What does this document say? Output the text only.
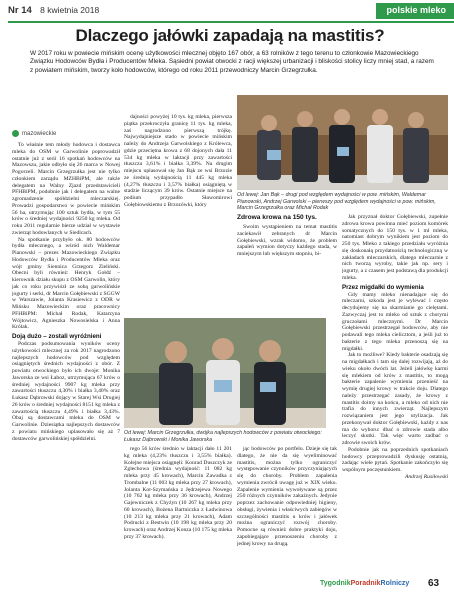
Nr 14 8 kwietnia 2018	polskie mleko
Dlaczego jałówki zapadają na mastitis?
W 2017 roku w powiecie mińskim ocenę użytkowości mlecznej objęto 167 obór, a 63 rolników z tego terenu to członkowie Mazowieckiego Związku Hodowców Bydła i Producentów Mleka. Sąsiedni powiat otwocki z racji większej urbanizacji i bliskości stolicy liczy mniej stad, a razem z powiatem mińskim, tworzy koło hodowców, którego od roku 2011 przewodniczy Marcin Grzegrzułka.
Od lewej: Jan Bąk – drugi pod względem wydajności w pow. mińskim, Waldemar Pianowski, Andrzej Garwolski – pierwszy pod względem wydajności w pow. mińskim, Marcin Grzegrzułka oraz Michał Rodak
mazowieckie

To właśnie tem młody hodowca i dostawca mleka do OSM w Garwolinie poprowadził ostatnie już z serii 16 spotkań hodowców na Mazowszu, jakie odbyło się 26 marca w Nowej Pogorzeli. Marcin Grzegrzułka jest nie tylko członkiem zarządu MZHBiPM, ale także delegatem na Walny Zjazd przedstawicieli PFHBiPM, podobnie jak i delegatem na walne zgromadzenie spółdzielni mleczarskiej. Prowadzi gospodarstwo w powiecie mińskim 56 ha, utrzymując 100 sztuk bydła, w tym 55 krów o średniej wydajności 9250 kg mleka. Od roku 2011 regularnie bierze udział w wystawie zwierząt hodowlanych w Siedlcach.

Na spotkanie przybyło ok. 80 hodowców bydła mlecznego, a wśród nich Waldemar Pianowski – prezes Mazowieckiego Związku Hodowców Bydła i Producentów Mleka oraz wójt gminy Siennica Grzegorz Zieliński. Obecni byli również: Henryk Gołdź – kierownik działu skupu z OSM Garwolin, który jak co roku przywiózł ze sobą garwolińskie jogurty i serki, dr Marcin Gołębiewski z SGGW w Warszawie, Jolanta Krasiewicz z ODR w Mińsku Mazowieckim oraz pracownicy PFHBiPM: Michał Rodak, Katarzyna Wójtowicz, Agnieszka Nowosielska i Anna Królak.

Doją dużo – zostali wyróżnieni

Podczas podsumowania wyników oceny użytkowości mlecznej za rok 2017 nagrodzono najlepszych hodowców pod względem osiągniętych średnich wydajności z obór. Z powiatu otwockiego było ich dwoje: Monika Jaworska ze wsi Łaboz, utrzymująca 67 krów o średniej wydajności 9907 kg mleka przy zawartości tłuszczu 4,30% i białka 3,40% oraz Łukasz Dąbrowski dojący w Starej Wsi Drugiej 26 krów o średniej wydajności 8151 kg mleka z zawartością tłuszczu 4,49% i białka 3,43%. Obaj są dostawcami mleka do OSM w Garwolinie. Dziesiątka najlepszych dostawców z powiatu mińskiego uplasowało się aż 7 dostawców garwolińskiej spółdzielni.

dajności powyżej 10 tys. kg mleka, pierwsza piątka przekroczyła granicę 11 tys. kg mleka, zaś nagrodzono pierwszą trójkę. Najwydajniejsze stado w powiecie mińskim należy do Andrzeja Garwolskiego z Królewca, gdzie przeciętna krowa z 68 dojonych dała 11 534 kg mleka w laktacji przy zawartości tłuszczu 3,61% i białka 3,39%. Na drugim miejscu uplasował się Jan Bąk ze wsi Brzozie ze średnią wydajnością 11 445 kg mleka (4,27% tłuszczu i 3,57% białka) osiągniętą w stadzie liczącym 39 krów. Ostatnie miejsce na podium przypadło Sławomirowi Gołębiowskiemu z Brzozówki, który

Od lewej: Marcin Grzegrzułka, dwójka najlepszych hodowców z powiatu otwockiego: Łukasz Dąbrowski i Monika Jaworska

rego 56 krów średnio w laktacji dało 11 201 kg mleka (4,23% tłuszczu i 3,55% białka). Kolejne miejsca osiągnęli: Konrad Duszczyk ze Zglechowa (średnia wydajność: 11 082 kg mleka przy 45 krowach), Marcin Zawadka z Trombalne (11 003 kg mleka przy 27 krowach), Jolanta Kot-Szymańska z Jędrzejewa Nowego (10 762 kg mleka przy 36 krowach), Andrzej Gajewniczek z Chyżyn (10 267 kg mleka przy 60 krowach), Bożena Bartniczka z Ładwinowa (10 213 kg mleka przy 21 krowach), Adam Podrucki z Bestwin (10 198 kg mleka przy 20 krowach) oraz Andrzej Konza (10 175 kg mleka przy 37 krowach).

Zdrowa krowa na 150 tys.

Swoim wystąpieniem na temat mastitis zaciekawił zebranych dr Marcin Gołębiewski, wzrak widomo, że problem zapaleń wymion dotyczy każdego stada, w mniejszym lub większym stopniu, bi-

jąc hodowców po portfelu. Dzieje się tak dlatego, że nie da się wyeliminować mastitis, można tylko ograniczyć występowanie czynników przyczyniających się do choroby. Problem zapalenia wymienia zwrócił uwagę już w XIX wieku. Zapalenie wymienia wywoływane są przez 250 różnych czynników zakaźnych. Jedynie poprzez zachowanie odpowiedniej higieny, obsługi, żywienia i właściwych zabiegów w szczególności mastitis u krów i jałówek można ograniczyć rozwój choroby. Pomocne są również dobre praktyki doju, zapobiegające przenoszeniu choroby z jednej krowy na drugą.

Jak przyznał doktor Gołębiewski, zupełnie zdrowa krowa powinna mieć poziom komórek somatycznych do 150 tys. w 1 ml mleka, natomiast dobrym wynikiem jest poziom do 250 tys. Mleko z takiego przedziału wyróżnia się doskonałą przydatnością technologiczną w zakładach mleczarskich, dlatego mleczarnie z nich tworzą wyroby, takie jak np. sery i jogurty, a z czasem jest podstawą dla produkcji mleka.

Przez migdałki do wymienia

Gdy mamy mleko nienadające się do mleczarni, szkoda jest je wylewać i często decydujemy się na skarmianie go cielętami. Zazwyczaj jest to mleko od sztuk z chorymi gruczołami mlecznymi. Dr Marcin Gołębiewski przestrzegał hodowców, aby nie podawali tego mleka cielicztom, a jeśli już to bakterie z tego mleka przenoszą się na migdałki.

Jak to możliwe? Kiedy bakterie osadzają się na migdałkach i tam się dalej rozwijają, aż do wieku około dwóch lat. Jeżeli jałówkę karmi się mlekiem od krów z mastitis, to mogą bakterie zapalenie wymienia przenieść na wymię drugiej krowy w trakcie doju. Dlatego należy przestrzegać zasady, że krowy z mastitis doimy na końcu, a mleko od nich nie trafia do innych zwierząt. Najlepszym rozwiązaniem jest jego utylizacja. Jak przekonywał doktor Gołębiewski, każdy z nas ma do wyboru: dbać o zdrowie stada albo leczyć skutki. Tak więc warto zadbać o zdrowie swoich krów.

Podobnie jak na poprzednich spotkaniach hodowcy przeprowadzili dyskusję ostatnią, zadając wiele pytań. Spotkanie zakończyło się wspólnym poczęstunkiem.

Andrzej Rusiłowski

TygodnikPoradnikRolniczy 63
